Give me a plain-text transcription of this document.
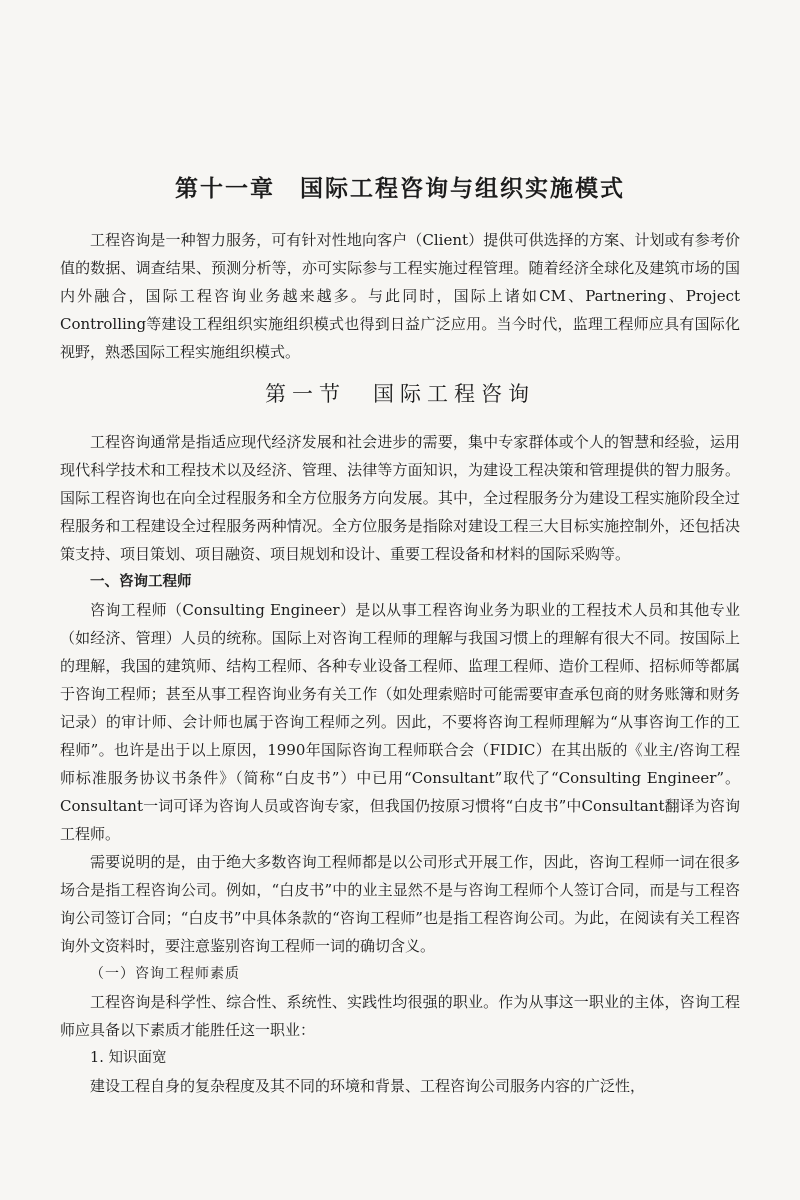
第十一章　国际工程咨询与组织实施模式

工程咨询是一种智力服务，可有针对性地向客户（Client）提供可供选择的方案、计划或有参考价值的数据、调查结果、预测分析等，亦可实际参与工程实施过程管理。随着经济全球化及建筑市场的国内外融合，国际工程咨询业务越来越多。与此同时，国际上诸如CM、Partnering、Project Controlling等建设工程组织实施组织模式也得到日益广泛应用。当今时代，监理工程师应具有国际化视野，熟悉国际工程实施组织模式。

第一节　国际工程咨询

工程咨询通常是指适应现代经济发展和社会进步的需要，集中专家群体或个人的智慧和经验，运用现代科学技术和工程技术以及经济、管理、法律等方面知识，为建设工程决策和管理提供的智力服务。国际工程咨询也在向全过程服务和全方位服务方向发展。其中，全过程服务分为建设工程实施阶段全过程服务和工程建设全过程服务两种情况。全方位服务是指除对建设工程三大目标实施控制外，还包括决策支持、项目策划、项目融资、项目规划和设计、重要工程设备和材料的国际采购等。

一、咨询工程师

咨询工程师（Consulting Engineer）是以从事工程咨询业务为职业的工程技术人员和其他专业（如经济、管理）人员的统称。国际上对咨询工程师的理解与我国习惯上的理解有很大不同。按国际上的理解，我国的建筑师、结构工程师、各种专业设备工程师、监理工程师、造价工程师、招标师等都属于咨询工程师；甚至从事工程咨询业务有关工作（如处理索赔时可能需要审查承包商的财务账簿和财务记录）的审计师、会计师也属于咨询工程师之列。因此，不要将咨询工程师理解为“从事咨询工作的工程师”。也许是出于以上原因，1990年国际咨询工程师联合会（FIDIC）在其出版的《业主/咨询工程师标准服务协议书条件》（简称“白皮书”）中已用“Consultant”取代了“Consulting Engineer”。Consultant一词可译为咨询人员或咨询专家，但我国仍按原习惯将“白皮书”中Consultant翻译为咨询工程师。

需要说明的是，由于绝大多数咨询工程师都是以公司形式开展工作，因此，咨询工程师一词在很多场合是指工程咨询公司。例如，“白皮书”中的业主显然不是与咨询工程师个人签订合同，而是与工程咨询公司签订合同；“白皮书”中具体条款的“咨询工程师”也是指工程咨询公司。为此，在阅读有关工程咨询外文资料时，要注意鉴别咨询工程师一词的确切含义。

（一）咨询工程师素质

工程咨询是科学性、综合性、系统性、实践性均很强的职业。作为从事这一职业的主体，咨询工程师应具备以下素质才能胜任这一职业：

1. 知识面宽

建设工程自身的复杂程度及其不同的环境和背景、工程咨询公司服务内容的广泛性，
